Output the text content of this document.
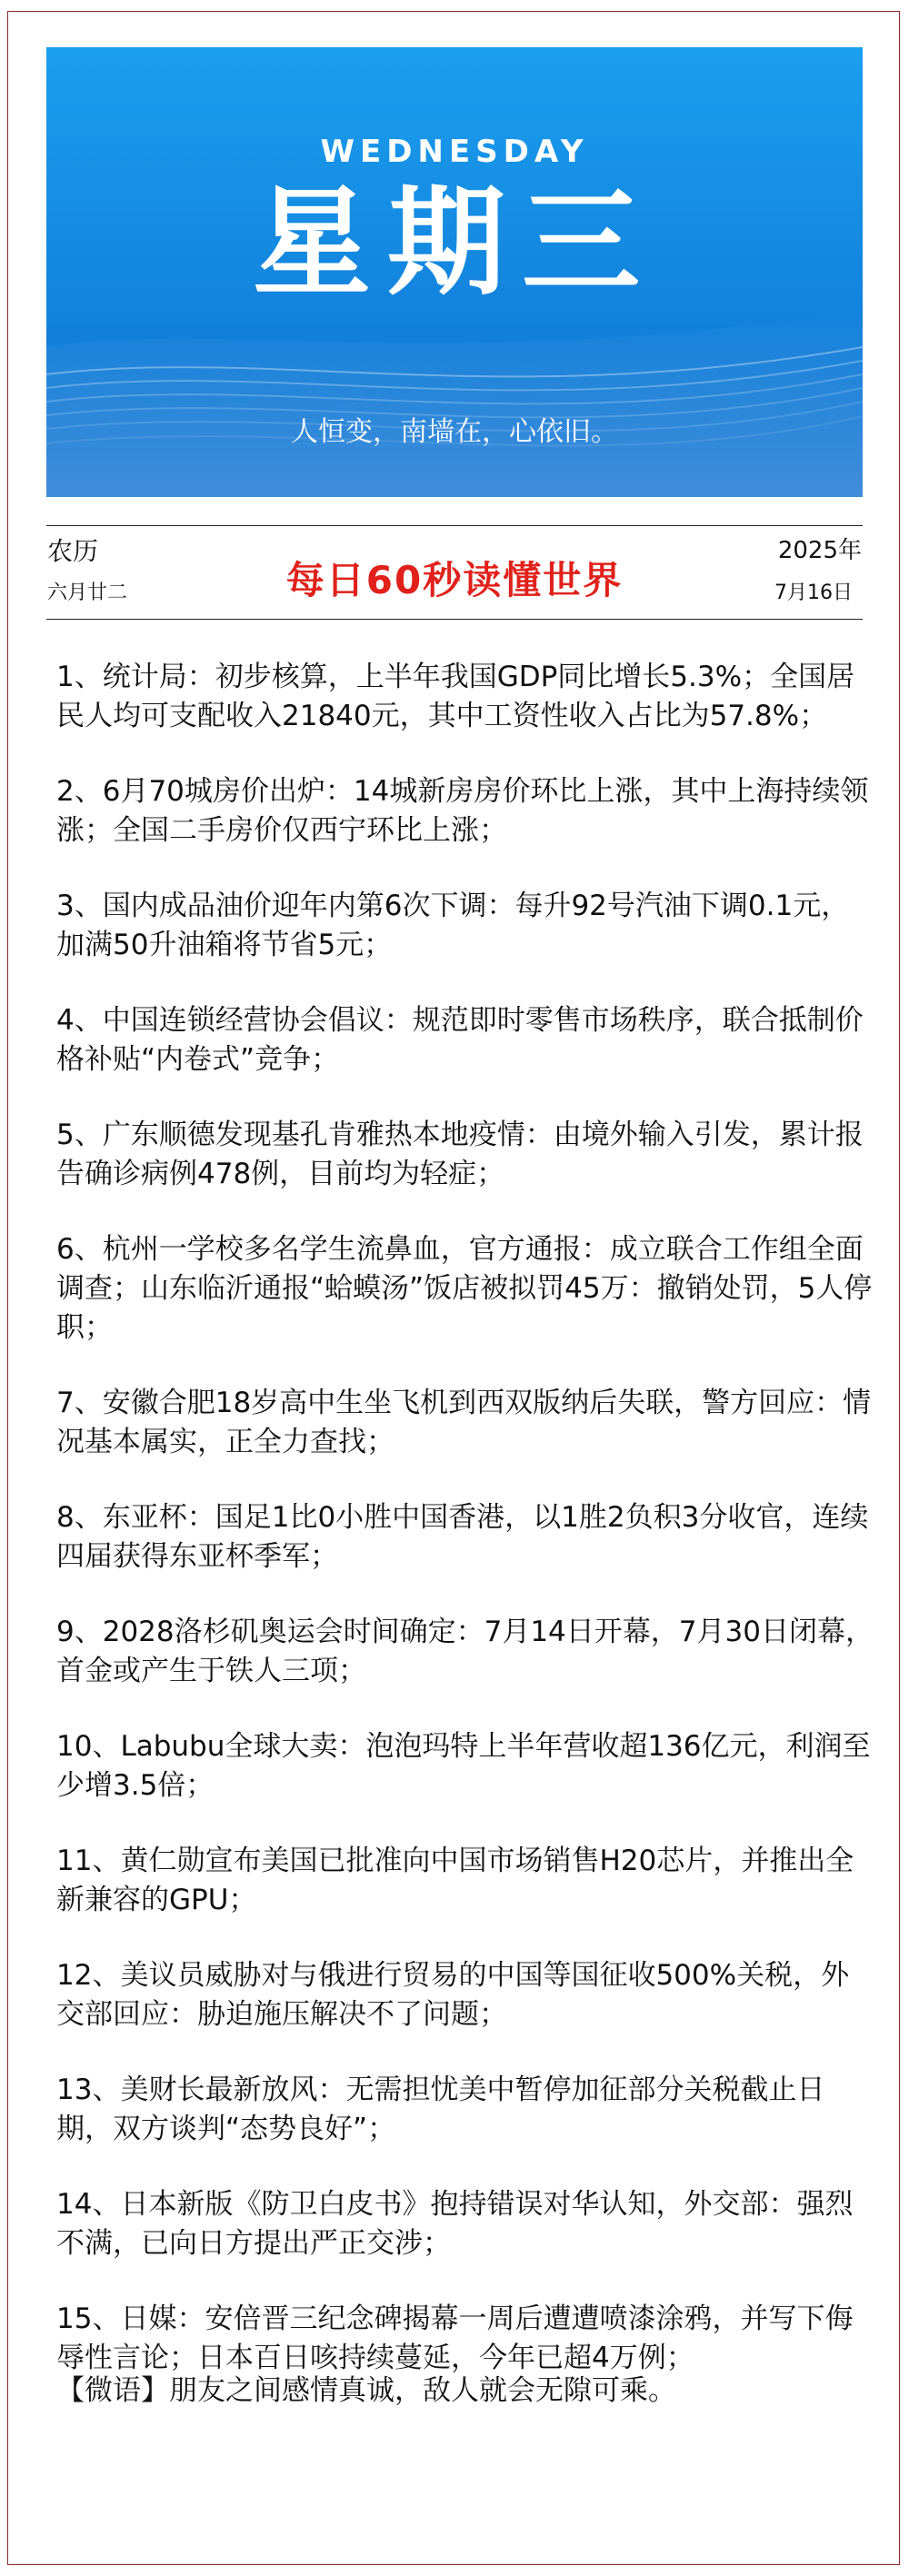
WEDNESDAY
星期三
人恒变，南墙在，心依旧。
农历
六月廿二	每日60秒读懂世界
2025年
7月16日
1、统计局：初步核算，上半年我国GDP同比增长5.3%；全国居民人均可支配收入21840元，其中工资性收入占比为57.8%；
2、6月70城房价出炉：14城新房房价环比上涨，其中上海持续领涨；全国二手房价仅西宁环比上涨；
3、国内成品油价迎年内第6次下调：每升92号汽油下调0.1元，加满50升油箱将节省5元；
4、中国连锁经营协会倡议：规范即时零售市场秩序，联合抵制价格补贴“内卷式”竞争；
5、广东顺德发现基孔肯雅热本地疫情：由境外输入引发，累计报告确诊病例478例，目前均为轻症；
6、杭州一学校多名学生流鼻血，官方通报：成立联合工作组全面调查；山东临沂通报“蛤蟆汤”饭店被拟罚45万：撤销处罚，5人停职；
7、安徽合肥18岁高中生坐飞机到西双版纳后失联，警方回应：情况基本属实，正全力查找；
8、东亚杯：国足1比0小胜中国香港，以1胜2负积3分收官，连续四届获得东亚杯季军；
9、2028洛杉矶奥运会时间确定：7月14日开幕，7月30日闭幕，首金或产生于铁人三项；
10、Labubu全球大卖：泡泡玛特上半年营收超136亿元，利润至少增3.5倍；
11、黄仁勋宣布美国已批准向中国市场销售H20芯片，并推出全新兼容的GPU；
12、美议员威胁对与俄进行贸易的中国等国征收500%关税，外交部回应：胁迫施压解决不了问题；
13、美财长最新放风：无需担忧美中暂停加征部分关税截止日期，双方谈判“态势良好”；
14、日本新版《防卫白皮书》抱持错误对华认知，外交部：强烈不满，已向日方提出严正交涉；
15、日媒：安倍晋三纪念碑揭幕一周后遭遭喷漆涂鸦，并写下侮辱性言论；日本百日咳持续蔓延，今年已超4万例；
【微语】朋友之间感情真诚，敌人就会无隙可乘。
